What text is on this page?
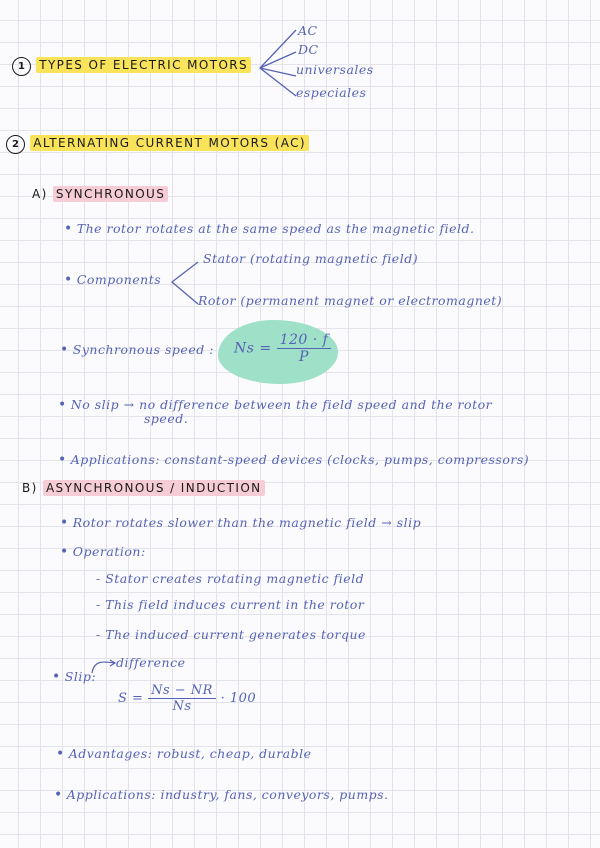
1 TYPES OF ELECTRIC MOTORS
AC
DC
universales
especiales
2 ALTERNATING CURRENT MOTORS (AC)
A) SYNCHRONOUS
• The rotor rotates at the same speed as the magnetic field.
• Components
Stator (rotating magnetic field)
Rotor (permanent magnet or electromagnet)
• Synchronous speed : $Ns = \frac{120 \cdot f}{P}$
• No slip → no difference between the field speed and the rotor
speed.
• Applications: constant-speed devices (clocks, pumps, compressors)
B) ASYNCHRONOUS / INDUCTION
• Rotor rotates slower than the magnetic field → slip
• Operation:
- Stator creates rotating magnetic field
- This field induces current in the rotor
- The induced current generates torque
• Slip:
difference
$S = \frac{Ns - NR}{Ns} \cdot 100$
• Advantages: robust, cheap, durable
• Applications: industry, fans, conveyors, pumps.
